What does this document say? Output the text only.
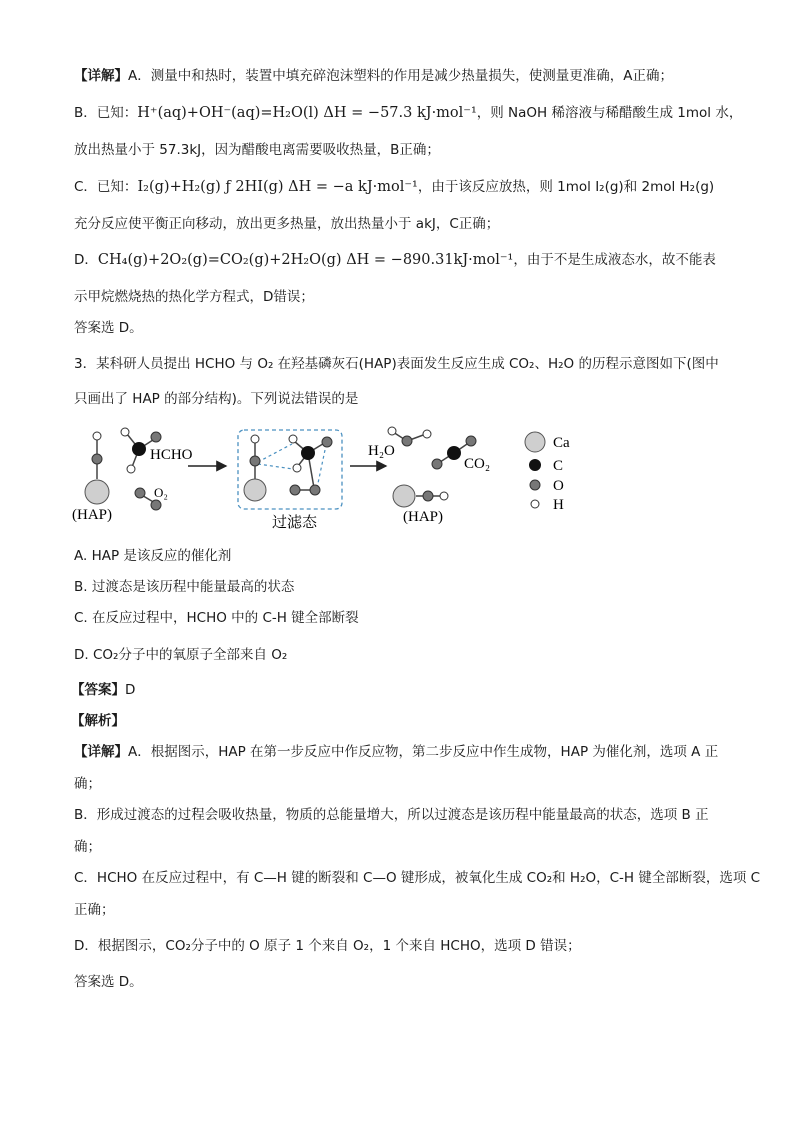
【详解】A．测量中和热时，装置中填充碎泡沫塑料的作用是减少热量损失，使测量更准确，A正确；
B．已知：H⁺(aq)+OH⁻(aq)=H₂O(l) ΔH = −57.3 kJ·mol⁻¹，则 NaOH 稀溶液与稀醋酸生成 1mol 水，
放出热量小于 57.3kJ，因为醋酸电离需要吸收热量，B正确；
C．已知：I₂(g)+H₂(g) ƒ 2HI(g) ΔH = −a kJ·mol⁻¹，由于该反应放热，则 1mol I₂(g)和 2mol H₂(g)
充分反应使平衡正向移动，放出更多热量，放出热量小于 akJ，C正确；
D．CH₄(g)+2O₂(g)=CO₂(g)+2H₂O(g) ΔH = −890.31kJ·mol⁻¹，由于不是生成液态水，故不能表
示甲烷燃烧热的热化学方程式，D错误；
答案选 D。
3．某科研人员提出 HCHO 与 O₂ 在羟基磷灰石(HAP)表面发生反应生成 CO₂、H₂O 的历程示意图如下(图中
只画出了 HAP 的部分结构)。下列说法错误的是
(HAP)
HCHO
O₂
过滤态
H₂O
CO₂
(HAP)
Ca
C
O
H
A. HAP 是该反应的催化剂
B. 过渡态是该历程中能量最高的状态
C. 在反应过程中，HCHO 中的 C-H 键全部断裂
D. CO₂分子中的氧原子全部来自 O₂
【答案】D
【解析】
【详解】A．根据图示，HAP 在第一步反应中作反应物，第二步反应中作生成物，HAP 为催化剂，选项 A 正
确；
B．形成过渡态的过程会吸收热量，物质的总能量增大，所以过渡态是该历程中能量最高的状态，选项 B 正
确；
C．HCHO 在反应过程中，有 C—H 键的断裂和 C—O 键形成，被氧化生成 CO₂和 H₂O，C-H 键全部断裂，选项 C
正确；
D．根据图示，CO₂分子中的 O 原子 1 个来自 O₂，1 个来自 HCHO，选项 D 错误；
答案选 D。
